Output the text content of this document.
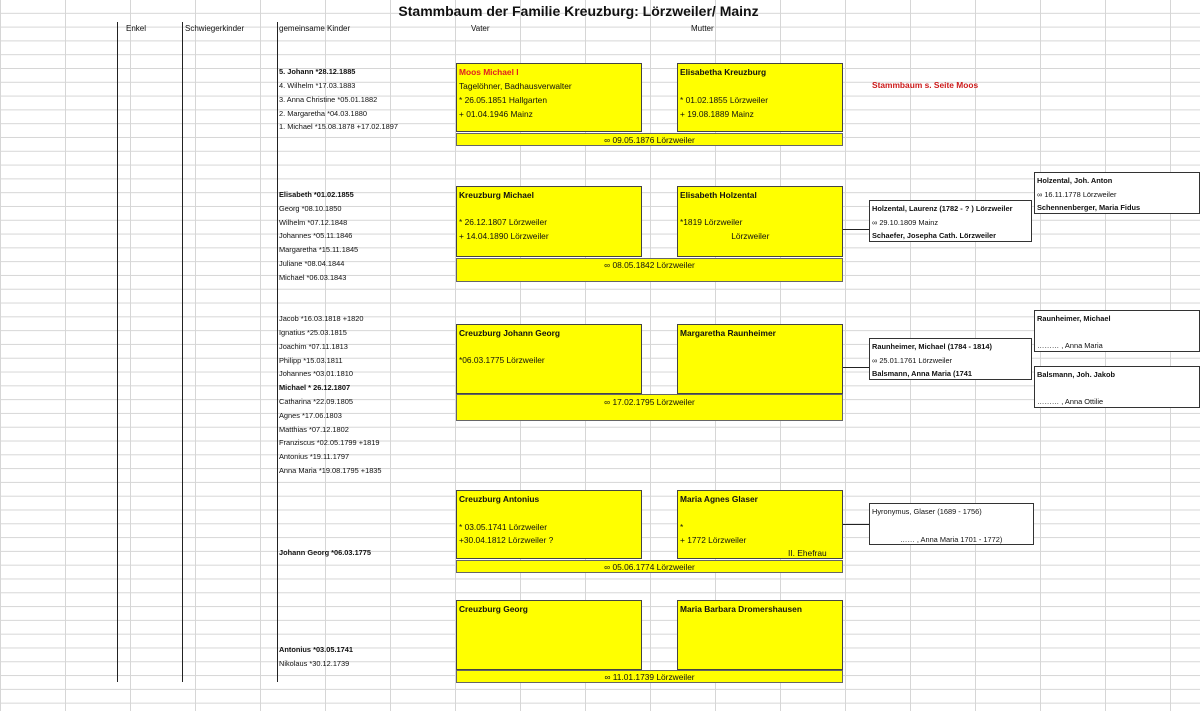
Stammbaum der Familie Kreuzburg: Lörzweiler/ Mainz
Enkel	Schwiegerkinder	gemeinsame Kinder	Vater	Mutter
5. Johann *28.12.1885
4. Wilhelm *17.03.1883
3. Anna Christine *05.01.1882
2. Margaretha *04.03.1880
1. Michael *15.08.1878 +17.02.1897
Moos Michael I
Tagelöhner, Badhausverwalter
* 26.05.1851 Hallgarten
+ 01.04.1946 Mainz
Elisabetha Kreuzburg
* 01.02.1855 Lörzweiler
+ 19.08.1889 Mainz
∞ 09.05.1876 Lörzweiler
Stammbaum s. Seite Moos
Elisabeth *01.02.1855
Georg *08.10.1850
Wilhelm *07.12.1848
Johannes *05.11.1846
Margaretha *15.11.1845
Juliane *08.04.1844
Michael *06.03.1843
Kreuzburg Michael
* 26.12.1807 Lörzweiler
+ 14.04.1890 Lörzweiler
Elisabeth Holzental
*1819 Lörzweiler
Lörzweiler
∞ 08.05.1842 Lörzweiler
Holzental, Laurenz (1782 - ? ) Lörzweiler
∞ 29.10.1809 Mainz
Schaefer, Josepha Cath. Lörzweiler
Holzental, Joh. Anton
∞ 16.11.1778 Lörzweiler
Schennenberger, Maria Fidus
Jacob *16.03.1818 +1820
Ignatius *25.03.1815
Joachim *07.11.1813
Philipp *15.03.1811
Johannes *03.01.1810
Michael * 26.12.1807
Catharina *22.09.1805
Agnes *17.06.1803
Matthias *07.12.1802
Franziscus *02.05.1799 +1819
Antonius *19.11.1797
Anna Maria *19.08.1795 +1835
Creuzburg Johann Georg
*06.03.1775 Lörzweiler
Margaretha Raunheimer
∞ 17.02.1795 Lörzweiler
Raunheimer, Michael (1784 - 1814)
∞ 25.01.1761 Lörzweiler
Balsmann, Anna Maria (1741
Raunheimer, Michael
……… , Anna Maria
Balsmann, Joh. Jakob
……… , Anna Ottilie
Johann Georg *06.03.1775
Creuzburg Antonius
* 03.05.1741 Lörzweiler
+30.04.1812 Lörzweiler ?
Maria Agnes Glaser
*
+ 1772 Lörzweiler
II. Ehefrau
∞ 05.06.1774 Lörzweiler
Hyronymus, Glaser (1689 - 1756)
…… , Anna Maria 1701 - 1772)
Antonius *03.05.1741
Nikolaus *30.12.1739
Creuzburg Georg	Maria Barbara Dromershausen
∞ 11.01.1739 Lörzweiler
